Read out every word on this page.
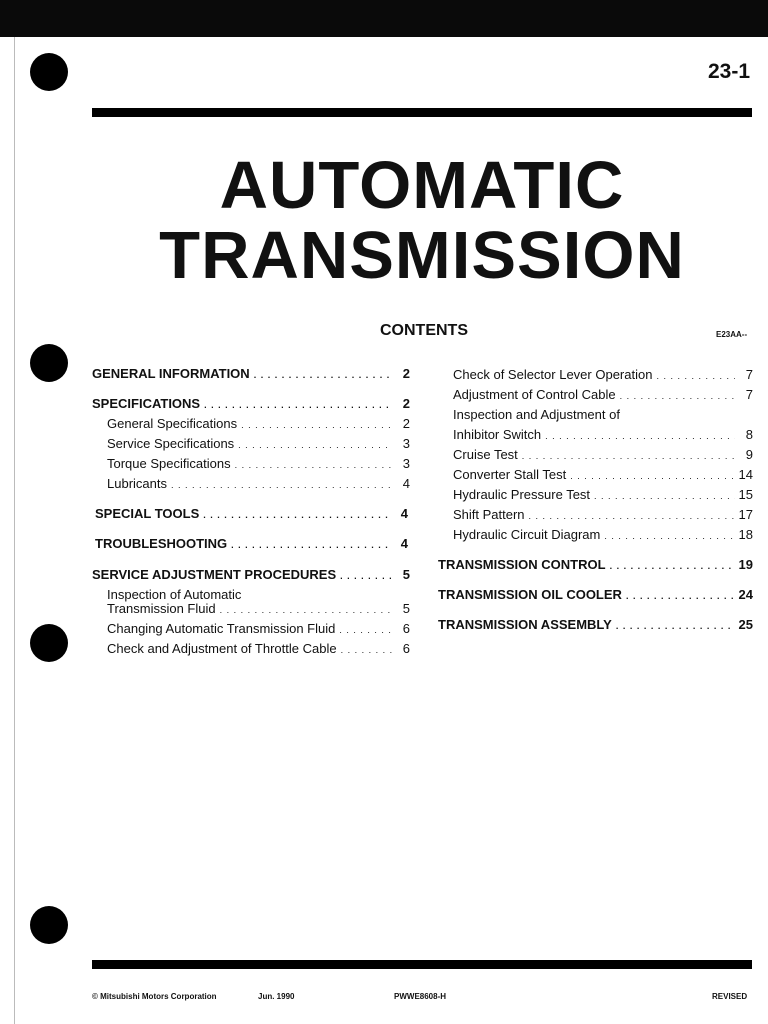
23-1
AUTOMATIC
TRANSMISSION
CONTENTS	E23AA--
GENERAL INFORMATION . . .	2
SPECIFICATIONS . . .	2
General Specifications . . .	2
Service Specifications . . .	3
Torque Specifications . . .	3
Lubricants . . .	4
SPECIAL TOOLS . . .	4
TROUBLESHOOTING . . .	4
SERVICE ADJUSTMENT PROCEDURES . . .	5
Inspection of Automatic
Transmission Fluid . . .	5
Changing Automatic Transmission Fluid . . .	6
Check and Adjustment of Throttle Cable . . .	6
Check of Selector Lever Operation . . .	7
Adjustment of Control Cable . . .	7
Inspection and Adjustment of
Inhibitor Switch . . .	8
Cruise Test . . .	9
Converter Stall Test . . .	14
Hydraulic Pressure Test . . .	15
Shift Pattern . . .	17
Hydraulic Circuit Diagram . . .	18
TRANSMISSION CONTROL . . .	19
TRANSMISSION OIL COOLER . . .	24
TRANSMISSION ASSEMBLY . . .	25
© Mitsubishi Motors Corporation	Jun. 1990	PWWE8608-H	REVISED
